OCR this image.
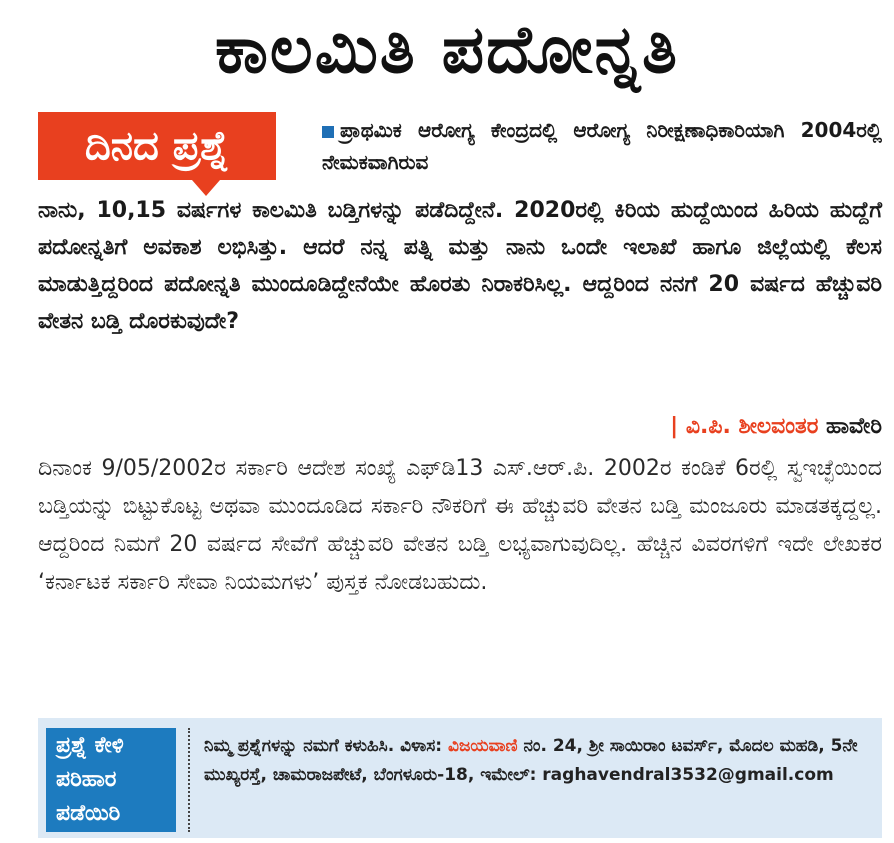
ಕಾಲಮಿತಿ ಪದೋನ್ನತಿ
ದಿನದ ಪ್ರಶ್ನೆ	ಪ್ರಾಥಮಿಕ ಆರೋಗ್ಯ ಕೇಂದ್ರದಲ್ಲಿ ಆರೋಗ್ಯ ನಿರೀಕ್ಷಣಾಧಿಕಾರಿಯಾಗಿ 2004ರಲ್ಲಿ ನೇಮಕವಾಗಿರುವ
ನಾನು, 10,15 ವರ್ಷಗಳ ಕಾಲಮಿತಿ ಬಡ್ತಿಗಳನ್ನು ಪಡೆದಿದ್ದೇನೆ. 2020ರಲ್ಲಿ ಕಿರಿಯ ಹುದ್ದೆಯಿಂದ ಹಿರಿಯ ಹುದ್ದೆಗೆ ಪದೋನ್ನತಿಗೆ ಅವಕಾಶ ಲಭಿಸಿತ್ತು. ಆದರೆ ನನ್ನ ಪತ್ನಿ ಮತ್ತು ನಾನು ಒಂದೇ ಇಲಾಖೆ ಹಾಗೂ ಜಿಲ್ಲೆಯಲ್ಲಿ ಕೆಲಸ ಮಾಡುತ್ತಿದ್ದರಿಂದ ಪದೋನ್ನತಿ ಮುಂದೂಡಿದ್ದೇನೆಯೇ ಹೊರತು ನಿರಾಕರಿಸಿಲ್ಲ. ಆದ್ದರಿಂದ ನನಗೆ 20 ವರ್ಷದ ಹೆಚ್ಚುವರಿ ವೇತನ ಬಡ್ತಿ ದೊರಕುವುದೇ?
| ವಿ.ಪಿ. ಶೀಲವಂತರ ಹಾವೇರಿ
ದಿನಾಂಕ 9/05/2002ರ ಸರ್ಕಾರಿ ಆದೇಶ ಸಂಖ್ಯೆ ಎಫ್‌ಡಿ13 ಎಸ್.ಆರ್.ಪಿ. 2002ರ ಕಂಡಿಕೆ 6ರಲ್ಲಿ ಸ್ವಇಚ್ಛೆಯಿಂದ ಬಡ್ತಿಯನ್ನು ಬಿಟ್ಟುಕೊಟ್ಟ ಅಥವಾ ಮುಂದೂಡಿದ ಸರ್ಕಾರಿ ನೌಕರಿಗೆ ಈ ಹೆಚ್ಚುವರಿ ವೇತನ ಬಡ್ತಿ ಮಂಜೂರು ಮಾಡತಕ್ಕದ್ದಲ್ಲ. ಆದ್ದರಿಂದ ನಿಮಗೆ 20 ವರ್ಷದ ಸೇವೆಗೆ ಹೆಚ್ಚುವರಿ ವೇತನ ಬಡ್ತಿ ಲಭ್ಯವಾಗುವುದಿಲ್ಲ. ಹೆಚ್ಚಿನ ವಿವರಗಳಿಗೆ ಇದೇ ಲೇಖಕರ ‘ಕರ್ನಾಟಕ ಸರ್ಕಾರಿ ಸೇವಾ ನಿಯಮಗಳು’ ಪುಸ್ತಕ ನೋಡಬಹುದು.
ಪ್ರಶ್ನೆ ಕೇಳಿ
ಪರಿಹಾರ
ಪಡೆಯಿರಿ
ನಿಮ್ಮ ಪ್ರಶ್ನೆಗಳನ್ನು ನಮಗೆ ಕಳುಹಿಸಿ. ವಿಳಾಸ: ವಿಜಯವಾಣಿ ನಂ. 24, ಶ್ರೀ ಸಾಯಿರಾಂ ಟವರ್ಸ್, ಮೊದಲ ಮಹಡಿ, 5ನೇ ಮುಖ್ಯರಸ್ತೆ, ಚಾಮರಾಜಪೇಟೆ, ಬೆಂಗಳೂರು-18, ಇಮೇಲ್: raghavendral3532@gmail.com
